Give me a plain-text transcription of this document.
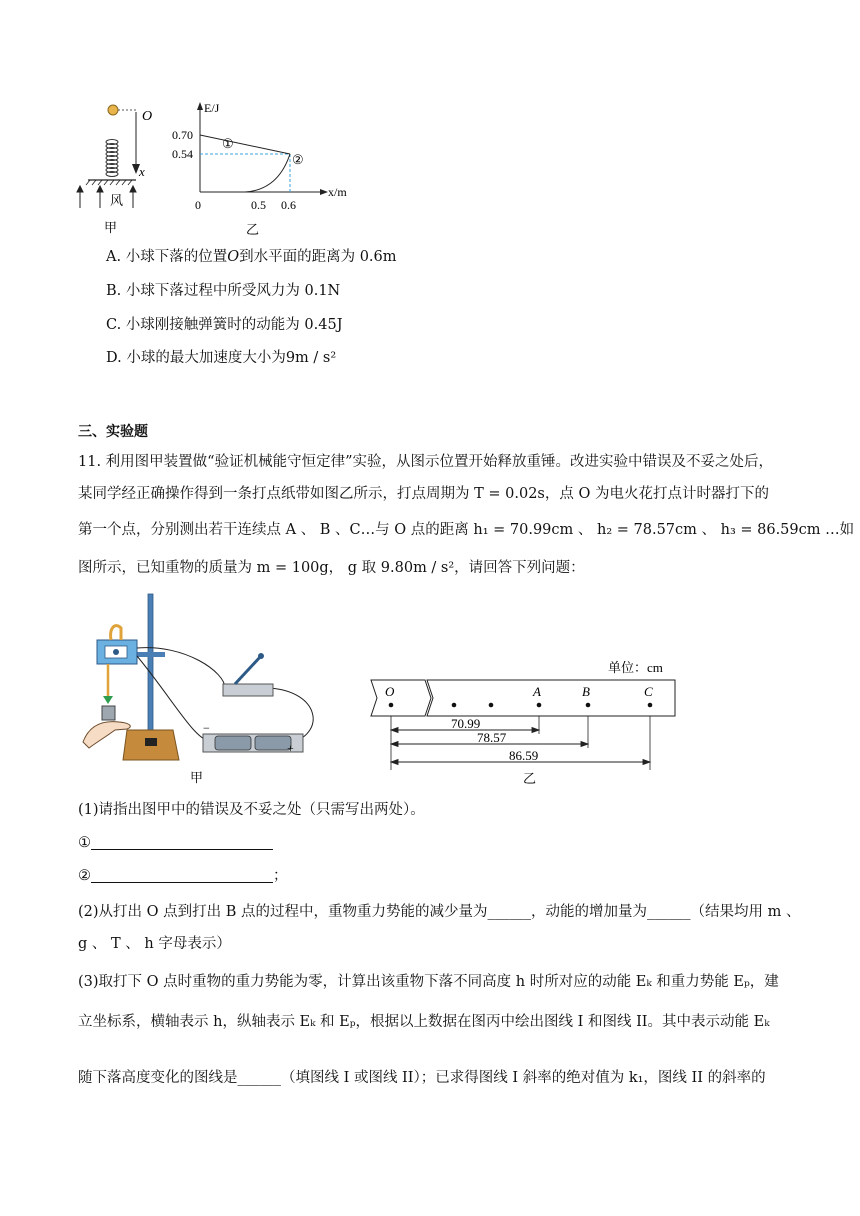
O
x
风
甲
E/J
x/m
0.70
0.54
0	0.5 0.6
①
②
乙
A. 小球下落的位置O到水平面的距离为 0.6m
B. 小球下落过程中所受风力为 0.1N
C. 小球刚接触弹簧时的动能为 0.45J
D. 小球的最大加速度大小为9m / s²
三、实验题
11. 利用图甲装置做“验证机械能守恒定律”实验，从图示位置开始释放重锤。改进实验中错误及不妥之处后，
某同学经正确操作得到一条打点纸带如图乙所示，打点周期为 T = 0.02s，点 O 为电火花打点计时器打下的
第一个点，分别测出若干连续点 A 、 B 、C…与 O 点的距离 h₁ = 70.99cm 、 h₂ = 78.57cm 、 h₃ = 86.59cm …如
图所示，已知重物的质量为 m = 100g， g 取 9.80m / s²，请回答下列问题：
−
+
甲
单位：cm
O	A	B	C
70.99
78.57
86.59
乙
(1)请指出图甲中的错误及不妥之处（只需写出两处）。
①
②	；
(2)从打出 O 点到打出 B 点的过程中，重物重力势能的减少量为______，动能的增加量为______（结果均用 m 、
g 、 T 、 h 字母表示）
(3)取打下 O 点时重物的重力势能为零，计算出该重物下落不同高度 h 时所对应的动能 Eₖ 和重力势能 Eₚ，建
立坐标系，横轴表示 h，纵轴表示 Eₖ 和 Eₚ，根据以上数据在图丙中绘出图线 I 和图线 II。其中表示动能 Eₖ
随下落高度变化的图线是______（填图线 I 或图线 II）；已求得图线 I 斜率的绝对值为 k₁，图线 II 的斜率的
